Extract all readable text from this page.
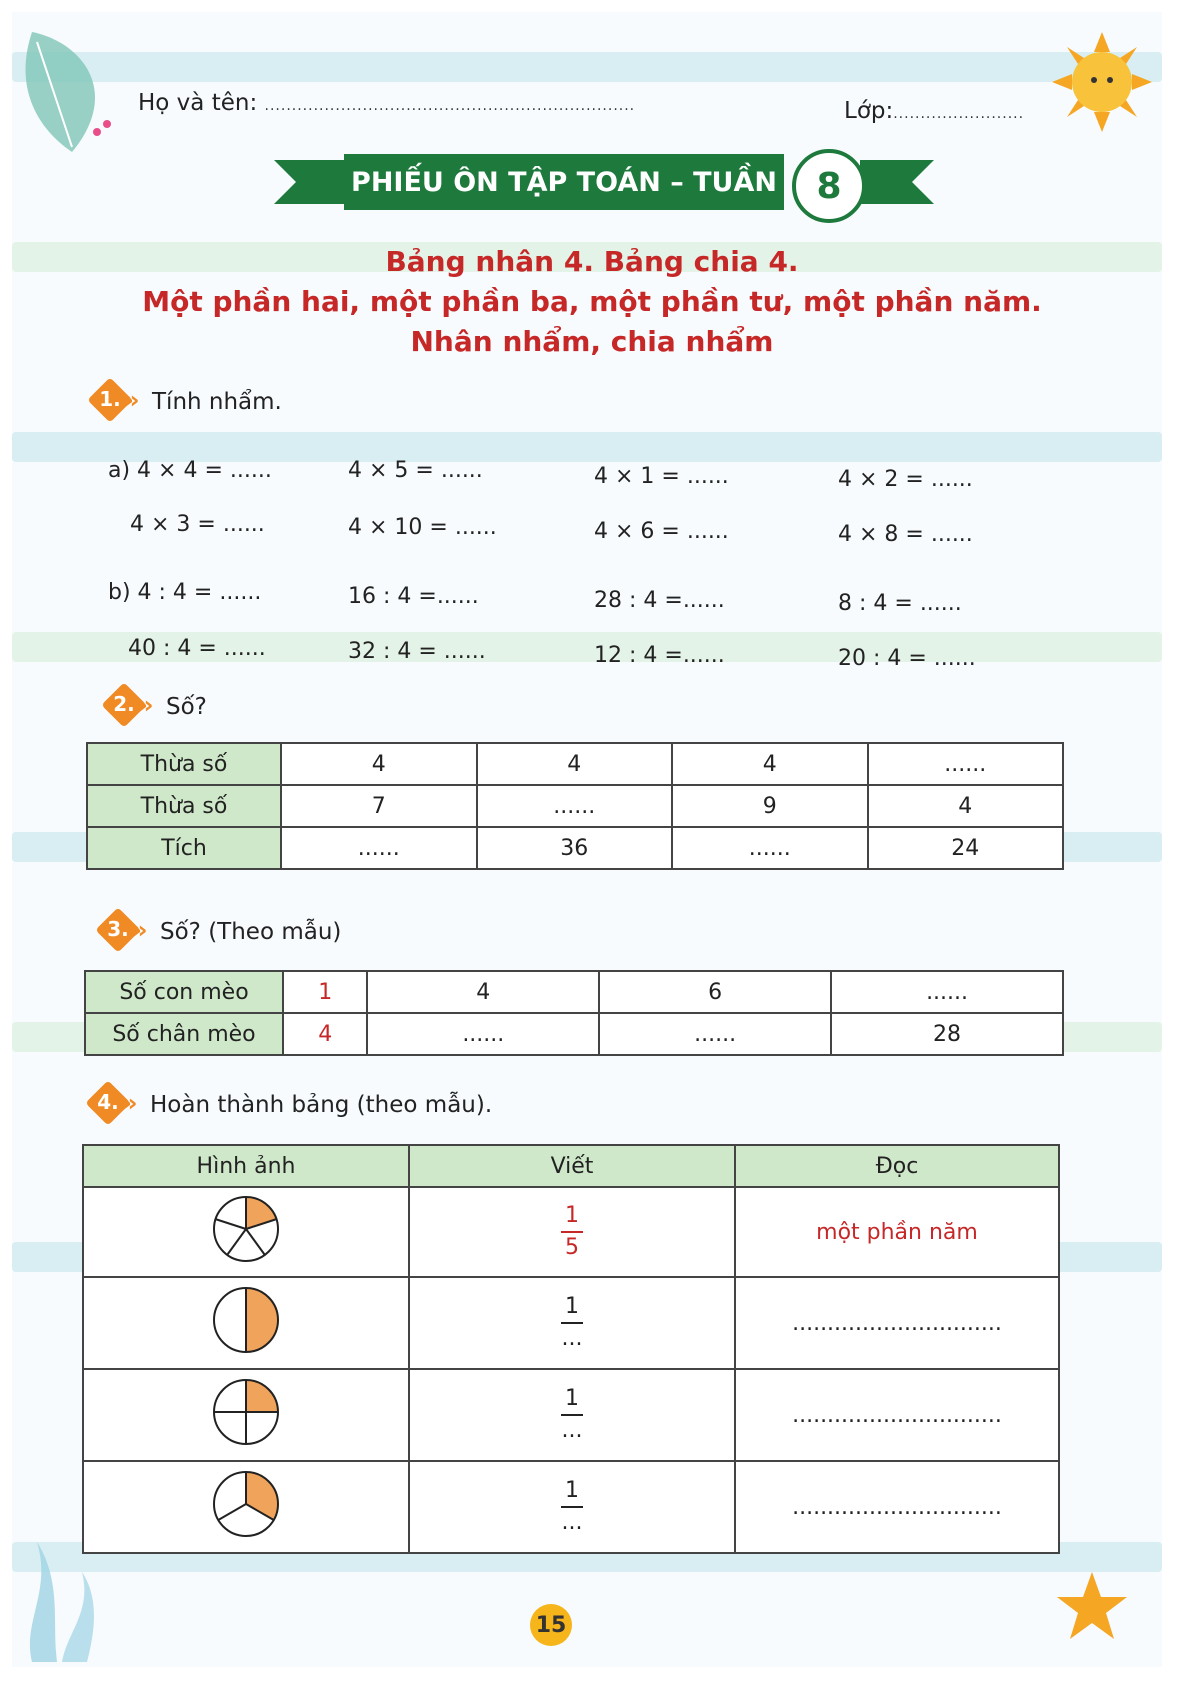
Họ và tên: ....................................................................	Lớp:........................
PHIẾU ÔN TẬP TOÁN – TUẦN	8
Bảng nhân 4. Bảng chia 4.
Một phần hai, một phần ba, một phần tư, một phần năm.
Nhân nhẩm, chia nhẩm
1. » Tính nhẩm.
a) 4 × 4 = ......	4 × 5 = ......	4 × 1 = ......	4 × 2 = ......
4 × 3 = ......	4 × 10 = ......	4 × 6 = ......	4 × 8 = ......
b) 4 : 4 = ......	16 : 4 =......	28 : 4 =......	8 : 4 = ......
40 : 4 = ......	32 : 4 = ......	12 : 4 =......	20 : 4 = ......
2. » Số?
Thừa số	4	4	4	......
Thừa số	7	......	9	4
Tích	......	36	......	24
3. » Số? (Theo mẫu)
Số con mèo	1	4	6	......
Số chân mèo	4	......	......	28
4. » Hoàn thành bảng (theo mẫu).
Hình ảnh	Viết	Đọc

$\frac{1}{5}$	một phần năm

$\frac{1}{...}$	..............................

$\frac{1}{...}$	..............................

$\frac{1}{...}$	..............................
15
